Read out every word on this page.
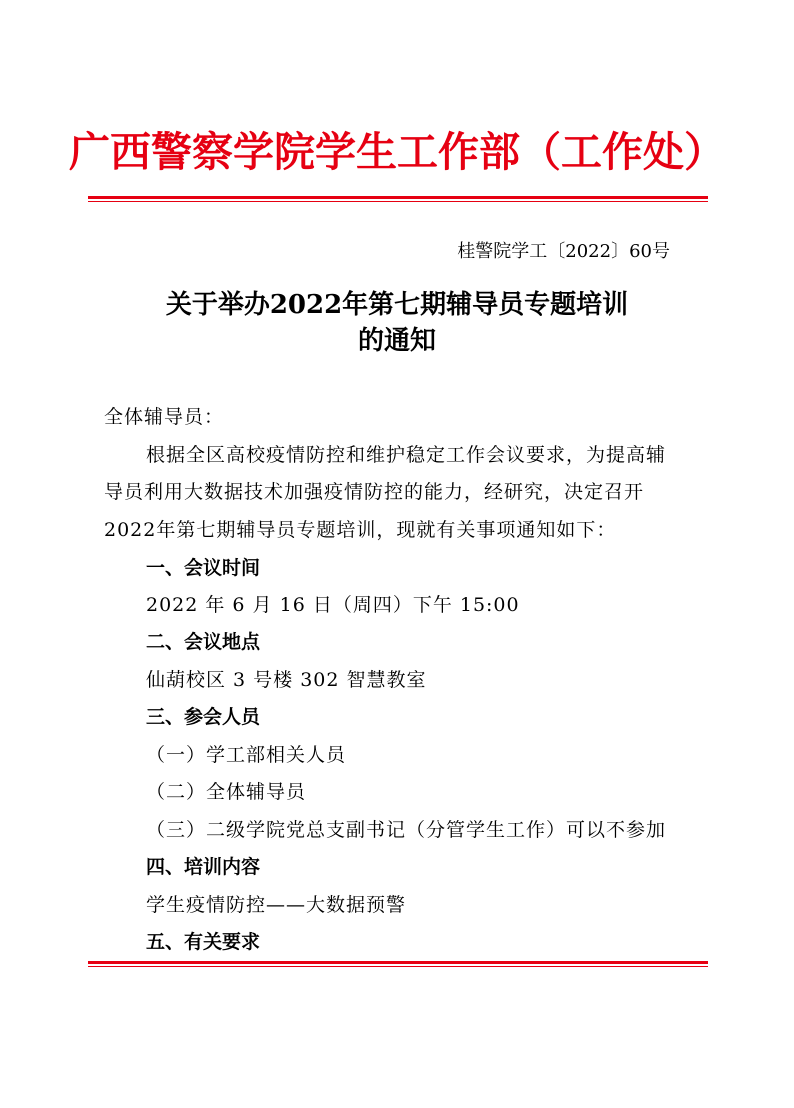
广西警察学院学生工作部（工作处）
桂警院学工〔2022〕60号
关于举办2022年第七期辅导员专题培训
的通知
全体辅导员：
根据全区高校疫情防控和维护稳定工作会议要求，为提高辅
导员利用大数据技术加强疫情防控的能力，经研究，决定召开
2022年第七期辅导员专题培训，现就有关事项通知如下：
一、会议时间
2022 年 6 月 16 日（周四）下午 15:00
二、会议地点
仙葫校区 3 号楼 302 智慧教室
三、参会人员
（一）学工部相关人员
（二）全体辅导员
（三）二级学院党总支副书记（分管学生工作）可以不参加
四、培训内容
学生疫情防控——大数据预警
五、有关要求
